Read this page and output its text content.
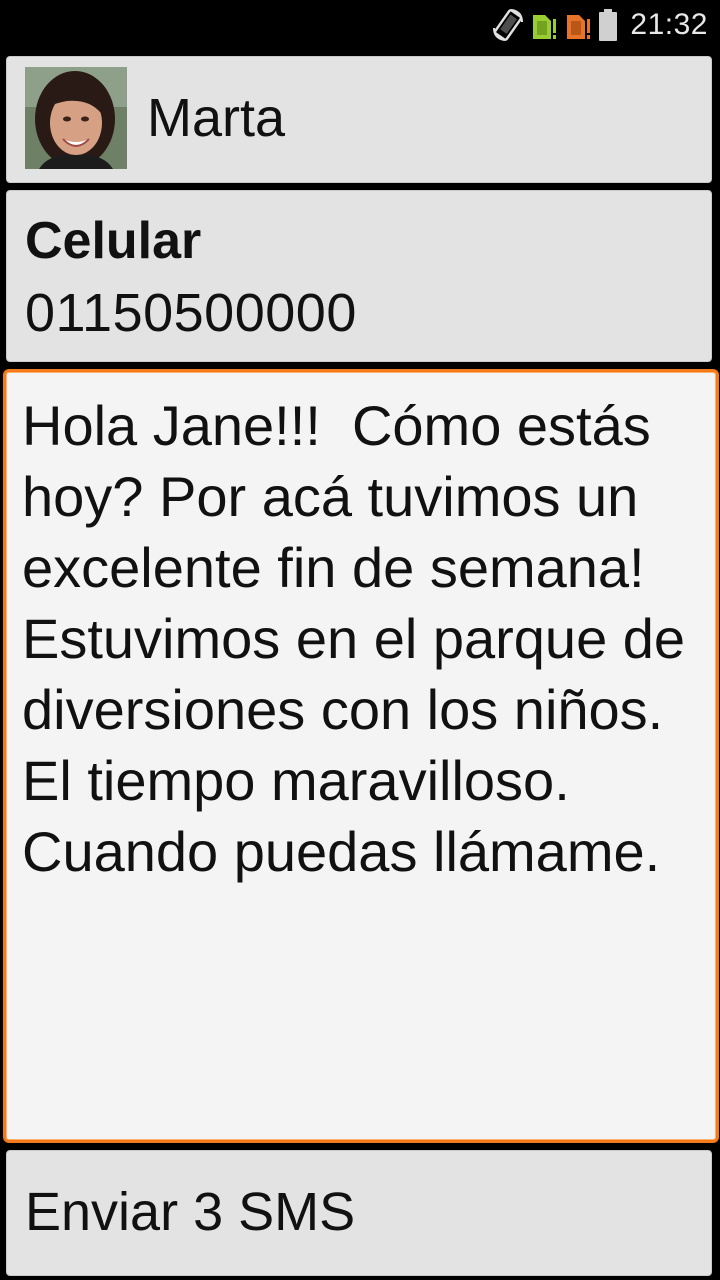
21:32
Marta
Celular
01150500000

Hola Jane!!!  Cómo estás hoy? Por acá tuvimos un excelente fin de semana! Estuvimos en el parque de diversiones con los niños. El tiempo maravilloso. Cuando puedas llámame.

Enviar 3 SMS
